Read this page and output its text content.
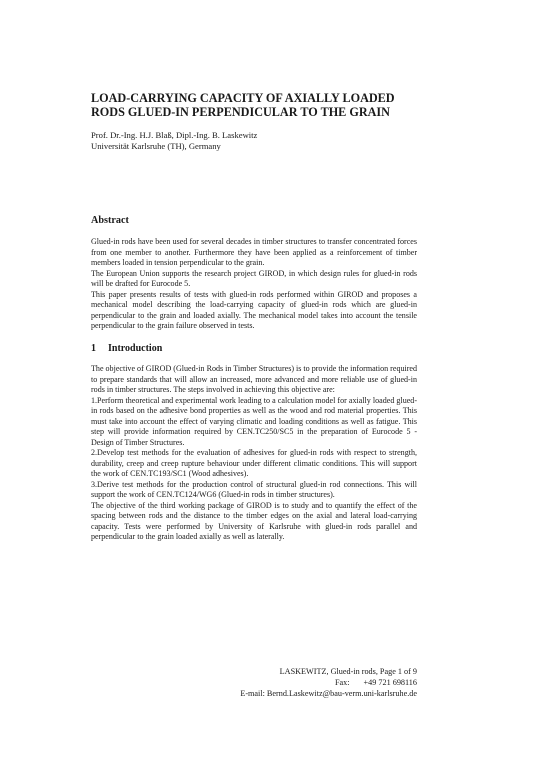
LOAD-CARRYING CAPACITY OF AXIALLY LOADED RODS GLUED-IN PERPENDICULAR TO THE GRAIN
Prof. Dr.-Ing. H.J. Blaß, Dipl.-Ing. B. Laskewitz
Universität Karlsruhe (TH), Germany
Abstract

Glued-in rods have been used for several decades in timber structures to transfer concentrated forces from one member to another. Furthermore they have been applied as a reinforcement of timber members loaded in tension perpendicular to the grain.

The European Union supports the research project GIROD, in which design rules for glued-in rods will be drafted for Eurocode 5.

This paper presents results of tests with glued-in rods performed within GIROD and proposes a mechanical model describing the load-carrying capacity of glued-in rods which are glued-in perpendicular to the grain and loaded axially. The mechanical model takes into account the tensile perpendicular to the grain failure observed in tests.

1 Introduction

The objective of GIROD (Glued-in Rods in Timber Structures) is to provide the information required to prepare standards that will allow an increased, more advanced and more reliable use of glued-in rods in timber structures. The steps involved in achieving this objective are:

1.Perform theoretical and experimental work leading to a calculation model for axially loaded glued-in rods based on the adhesive bond properties as well as the wood and rod material properties. This must take into account the effect of varying climatic and loading conditions as well as fatigue. This step will provide information required by CEN.TC250/SC5 in the preparation of Eurocode 5 - Design of Timber Structures.

2.Develop test methods for the evaluation of adhesives for glued-in rods with respect to strength, durability, creep and creep rupture behaviour under different climatic conditions. This will support the work of CEN.TC193/SC1 (Wood adhesives).

3.Derive test methods for the production control of structural glued-in rod connections. This will support the work of CEN.TC124/WG6 (Glued-in rods in timber structures).

The objective of the third working package of GIROD is to study and to quantify the effect of the spacing between rods and the distance to the timber edges on the axial and lateral load-carrying capacity. Tests were performed by University of Karlsruhe with glued-in rods parallel and perpendicular to the grain loaded axially as well as laterally.

LASKEWITZ, Glued-in rods, Page 1 of 9
Fax: +49 721 698116
E-mail: Bernd.Laskewitz@bau-verm.uni-karlsruhe.de
